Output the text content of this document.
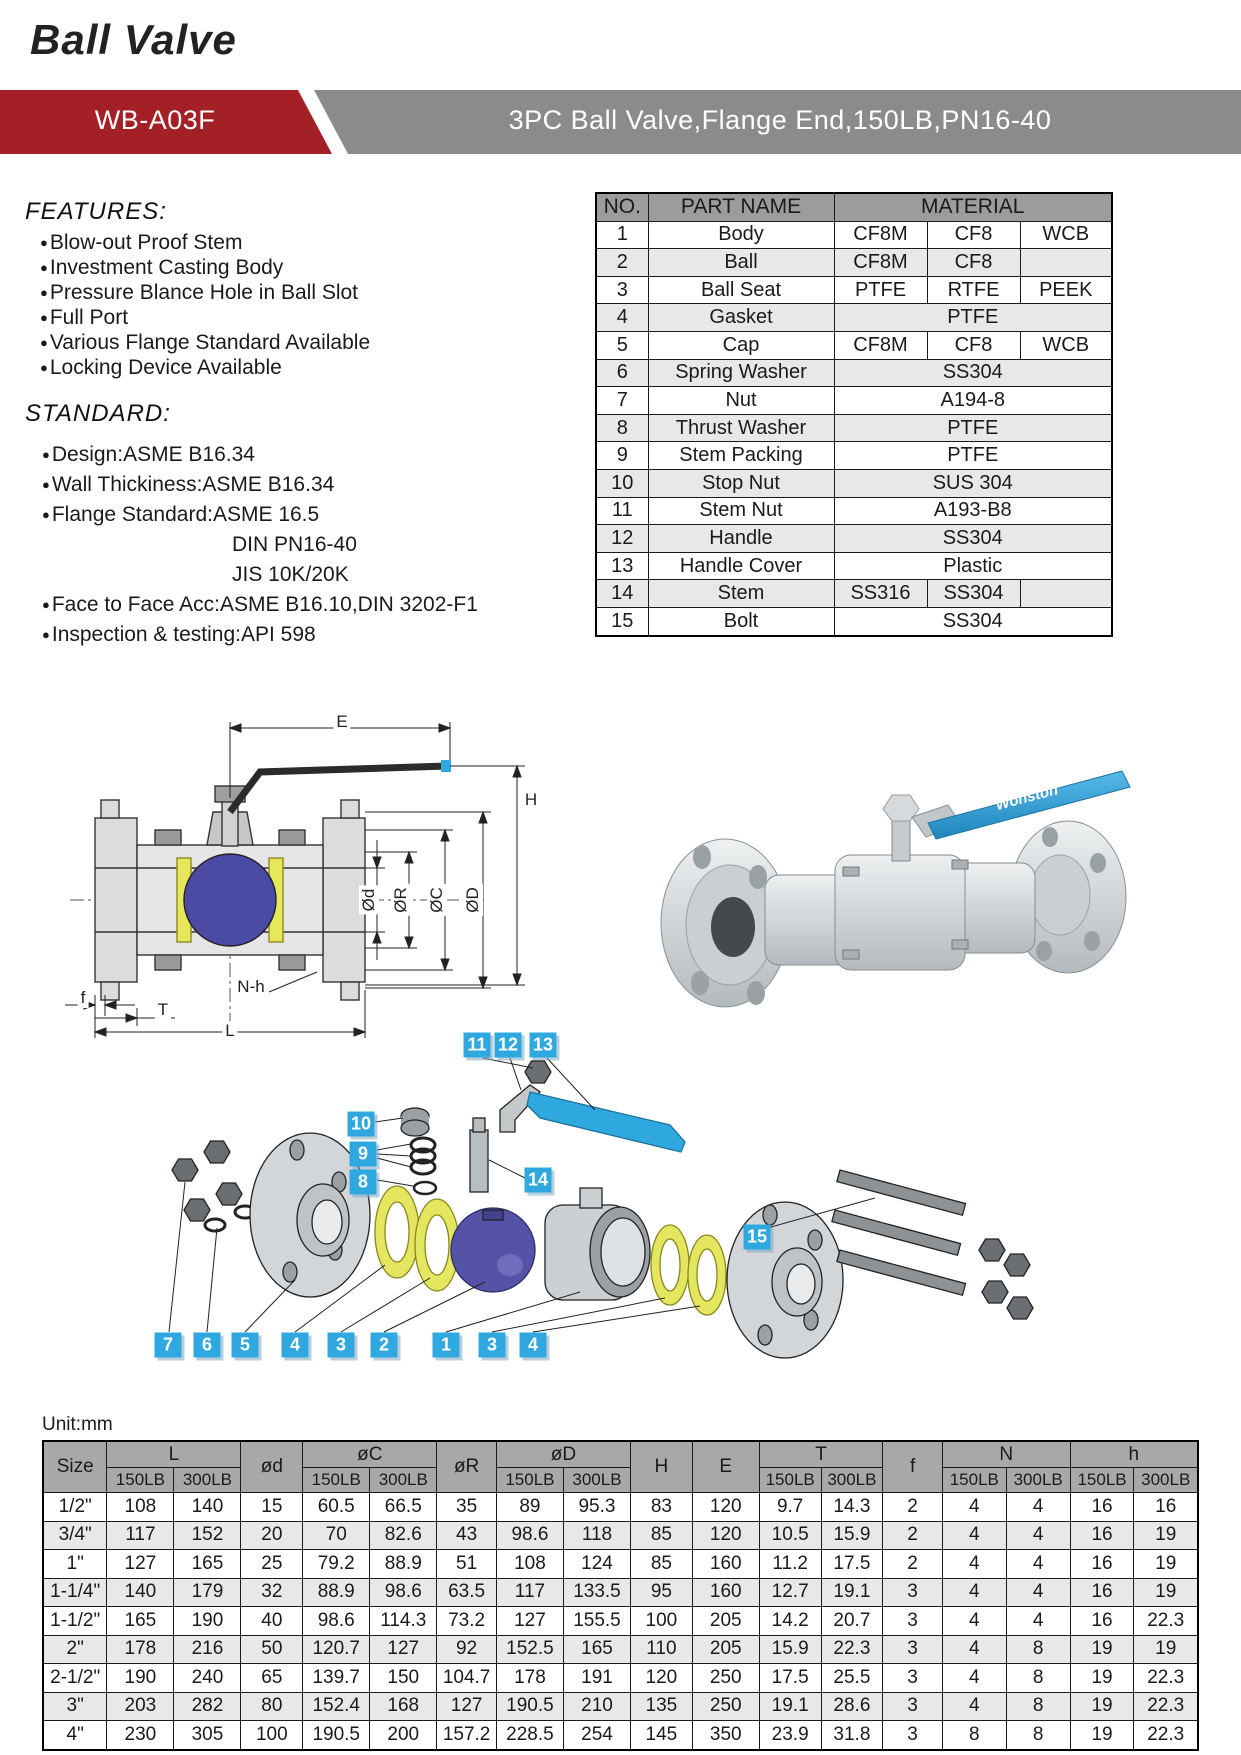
Ball Valve
WB-A03F	3PC Ball Valve,Flange End,150LB,PN16-40
FEATURES:
●Blow-out Proof Stem
●Investment Casting Body
●Pressure Blance Hole in Ball Slot
●Full Port
●Various Flange Standard Available
●Locking Device Available
STANDARD:
●Design:ASME B16.34
●Wall Thickiness:ASME B16.34
●Flange Standard:ASME 16.5
DIN PN16-40
JIS 10K/20K
●Face to Face Acc:ASME B16.10,DIN 3202-F1
●Inspection & testing:API 598
NO.	PART NAME	MATERIAL		
1	Body	CF8M	CF8	WCB
2	Ball	CF8M	CF8	
3	Ball Seat	PTFE	RTFE	PEEK
4	Gasket	PTFE		
5	Cap	CF8M	CF8	WCB
6	Spring Washer	SS304		
7	Nut	A194-8		
8	Thrust Washer	PTFE		
9	Stem Packing	PTFE		
10	Stop Nut	SUS 304		
11	Stem Nut	A193-B8		
12	Handle	SS304		
13	Handle Cover	Plastic		
14	Stem	SS316	SS304	
15	Bolt	SS304		
E
H
Ød ØR ØC ØD
f
T
N-h
L
Wonston
11 12 13
10
9
8	14
15
7	6	5	4	3	2	1	3	4
Unit:mm
Size	L		ød	øC		øR	øD		H	E	T		f	N		h	
	150LB	300LB		150LB	300LB		150LB	300LB			150LB	300LB		150LB	300LB	150LB	300LB
1/2"	108	140	15	60.5	66.5	35	89	95.3	83	120	9.7	14.3	2	4	4	16	16
3/4"	117	152	20	70	82.6	43	98.6	118	85	120	10.5	15.9	2	4	4	16	19
1"	127	165	25	79.2	88.9	51	108	124	85	160	11.2	17.5	2	4	4	16	19
1-1/4"	140	179	32	88.9	98.6	63.5	117	133.5	95	160	12.7	19.1	3	4	4	16	19
1-1/2"	165	190	40	98.6	114.3	73.2	127	155.5	100	205	14.2	20.7	3	4	4	16	22.3
2"	178	216	50	120.7	127	92	152.5	165	110	205	15.9	22.3	3	4	8	19	19
2-1/2"	190	240	65	139.7	150	104.7	178	191	120	250	17.5	25.5	3	4	8	19	22.3
3"	203	282	80	152.4	168	127	190.5	210	135	250	19.1	28.6	3	4	8	19	22.3
4"	230	305	100	190.5	200	157.2	228.5	254	145	350	23.9	31.8	3	8	8	19	22.3
